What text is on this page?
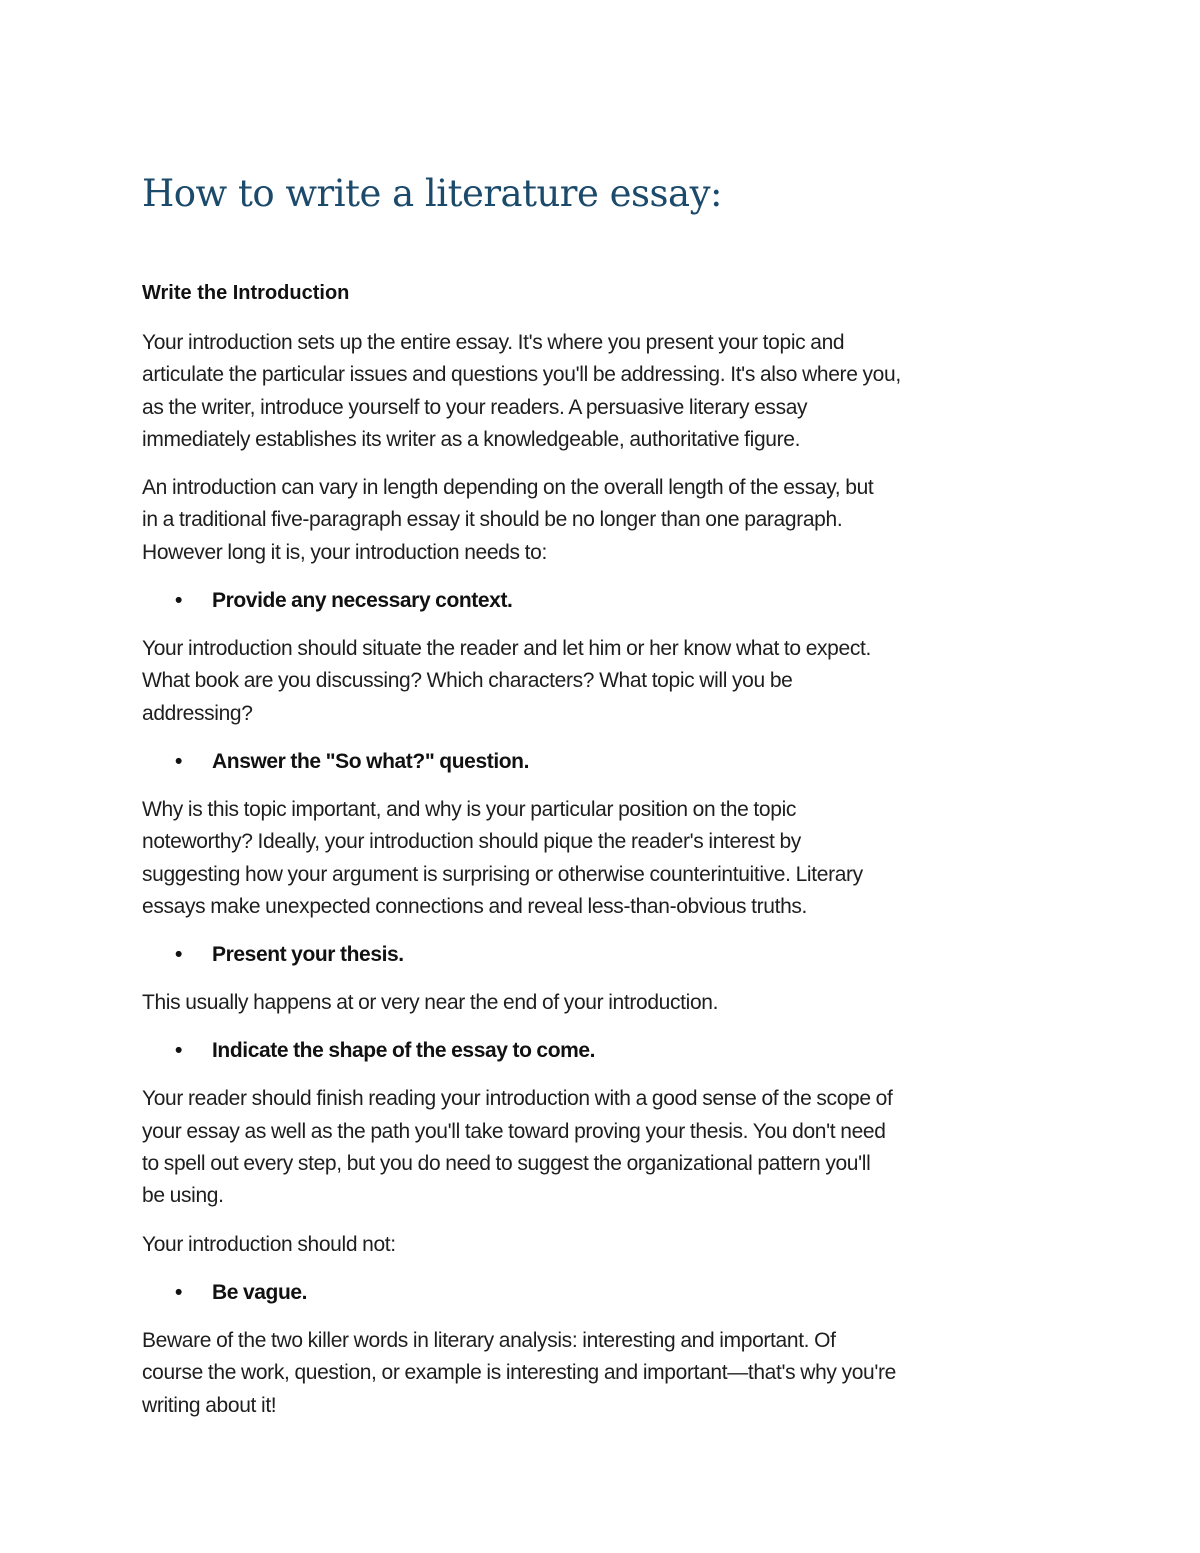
How to write a literature essay:
Write the Introduction
Your introduction sets up the entire essay. It's where you present your topic and
articulate the particular issues and questions you'll be addressing. It's also where you,
as the writer, introduce yourself to your readers. A persuasive literary essay
immediately establishes its writer as a knowledgeable, authoritative figure.
An introduction can vary in length depending on the overall length of the essay, but
in a traditional five-paragraph essay it should be no longer than one paragraph.
However long it is, your introduction needs to:
•	Provide any necessary context.
Your introduction should situate the reader and let him or her know what to expect.
What book are you discussing? Which characters? What topic will you be
addressing?
•	Answer the "So what?" question.
Why is this topic important, and why is your particular position on the topic
noteworthy? Ideally, your introduction should pique the reader's interest by
suggesting how your argument is surprising or otherwise counterintuitive. Literary
essays make unexpected connections and reveal less-than-obvious truths.
•	Present your thesis.
This usually happens at or very near the end of your introduction.
•	Indicate the shape of the essay to come.
Your reader should finish reading your introduction with a good sense of the scope of
your essay as well as the path you'll take toward proving your thesis. You don't need
to spell out every step, but you do need to suggest the organizational pattern you'll
be using.
Your introduction should not:
•	Be vague.
Beware of the two killer words in literary analysis: interesting and important. Of
course the work, question, or example is interesting and important—that's why you're
writing about it!
